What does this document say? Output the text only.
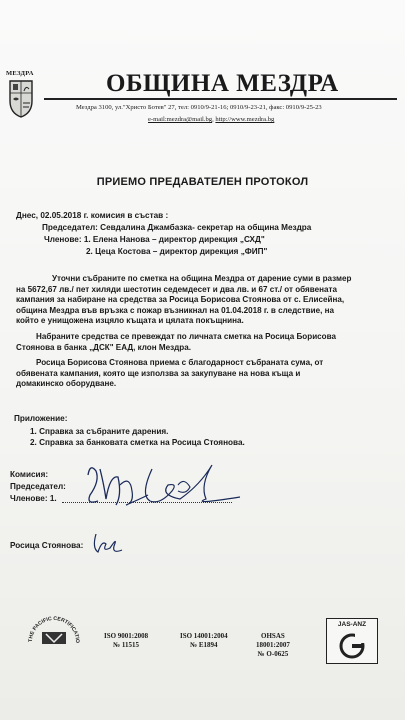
МЕЗДРА	ОБЩИНА МЕЗДРА
Мездра 3100, ул."Христо Ботев" 27, тел: 0910/9-21-16; 0910/9-23-21, факс: 0910/9-25-23
e-mail:mezdra@mail.bg, http://www.mezdra.bg
ПРИЕМО ПРЕДАВАТЕЛЕН ПРОТОКОЛ
Днес, 02.05.2018 г. комисия в състав :
Председател: Севдалина Джамбазка- секретар на община Мездра
Членове: 1. Елена Нанова – директор дирекция „СХД"
2. Цеца Костова – директор дирекция „ФИП"
Уточни събраните по сметка на община Мездра от дарение суми в размер
на 5672,67 лв./ пет хиляди шестотин седемдесет и два лв. и 67 ст./ от обявената
кампания за набиране на средства за Росица Борисова Стоянова от с. Елисейна,
община Мездра във връзка с пожар възникнал на 01.04.2018 г. в следствие, на
който е унищожена изцяло къщата и цялата покъщнина.
Набраните средства се превеждат по личната сметка на Росица Борисова
Стоянова в банка „ДСК" ЕАД, клон Мездра.
Росица Борисова Стоянова приема с благодарност събраната сума, от
обявената кампания, която ще използва за закупуване на нова къща и
домакинско оборудване.
Приложение:
1. Справка за събраните дарения.
2. Справка за банковата сметка на Росица Стоянова.
Комисия:
Председател:
Членове: 1.
Росица Стоянова:
THE PACIFIC CERTIFICATIO
ISO 9001:2008
№ 11515
ISO 14001:2004
№ E1894
OHSAS
18001:2007
№ O-0625
JAS-ANZ
